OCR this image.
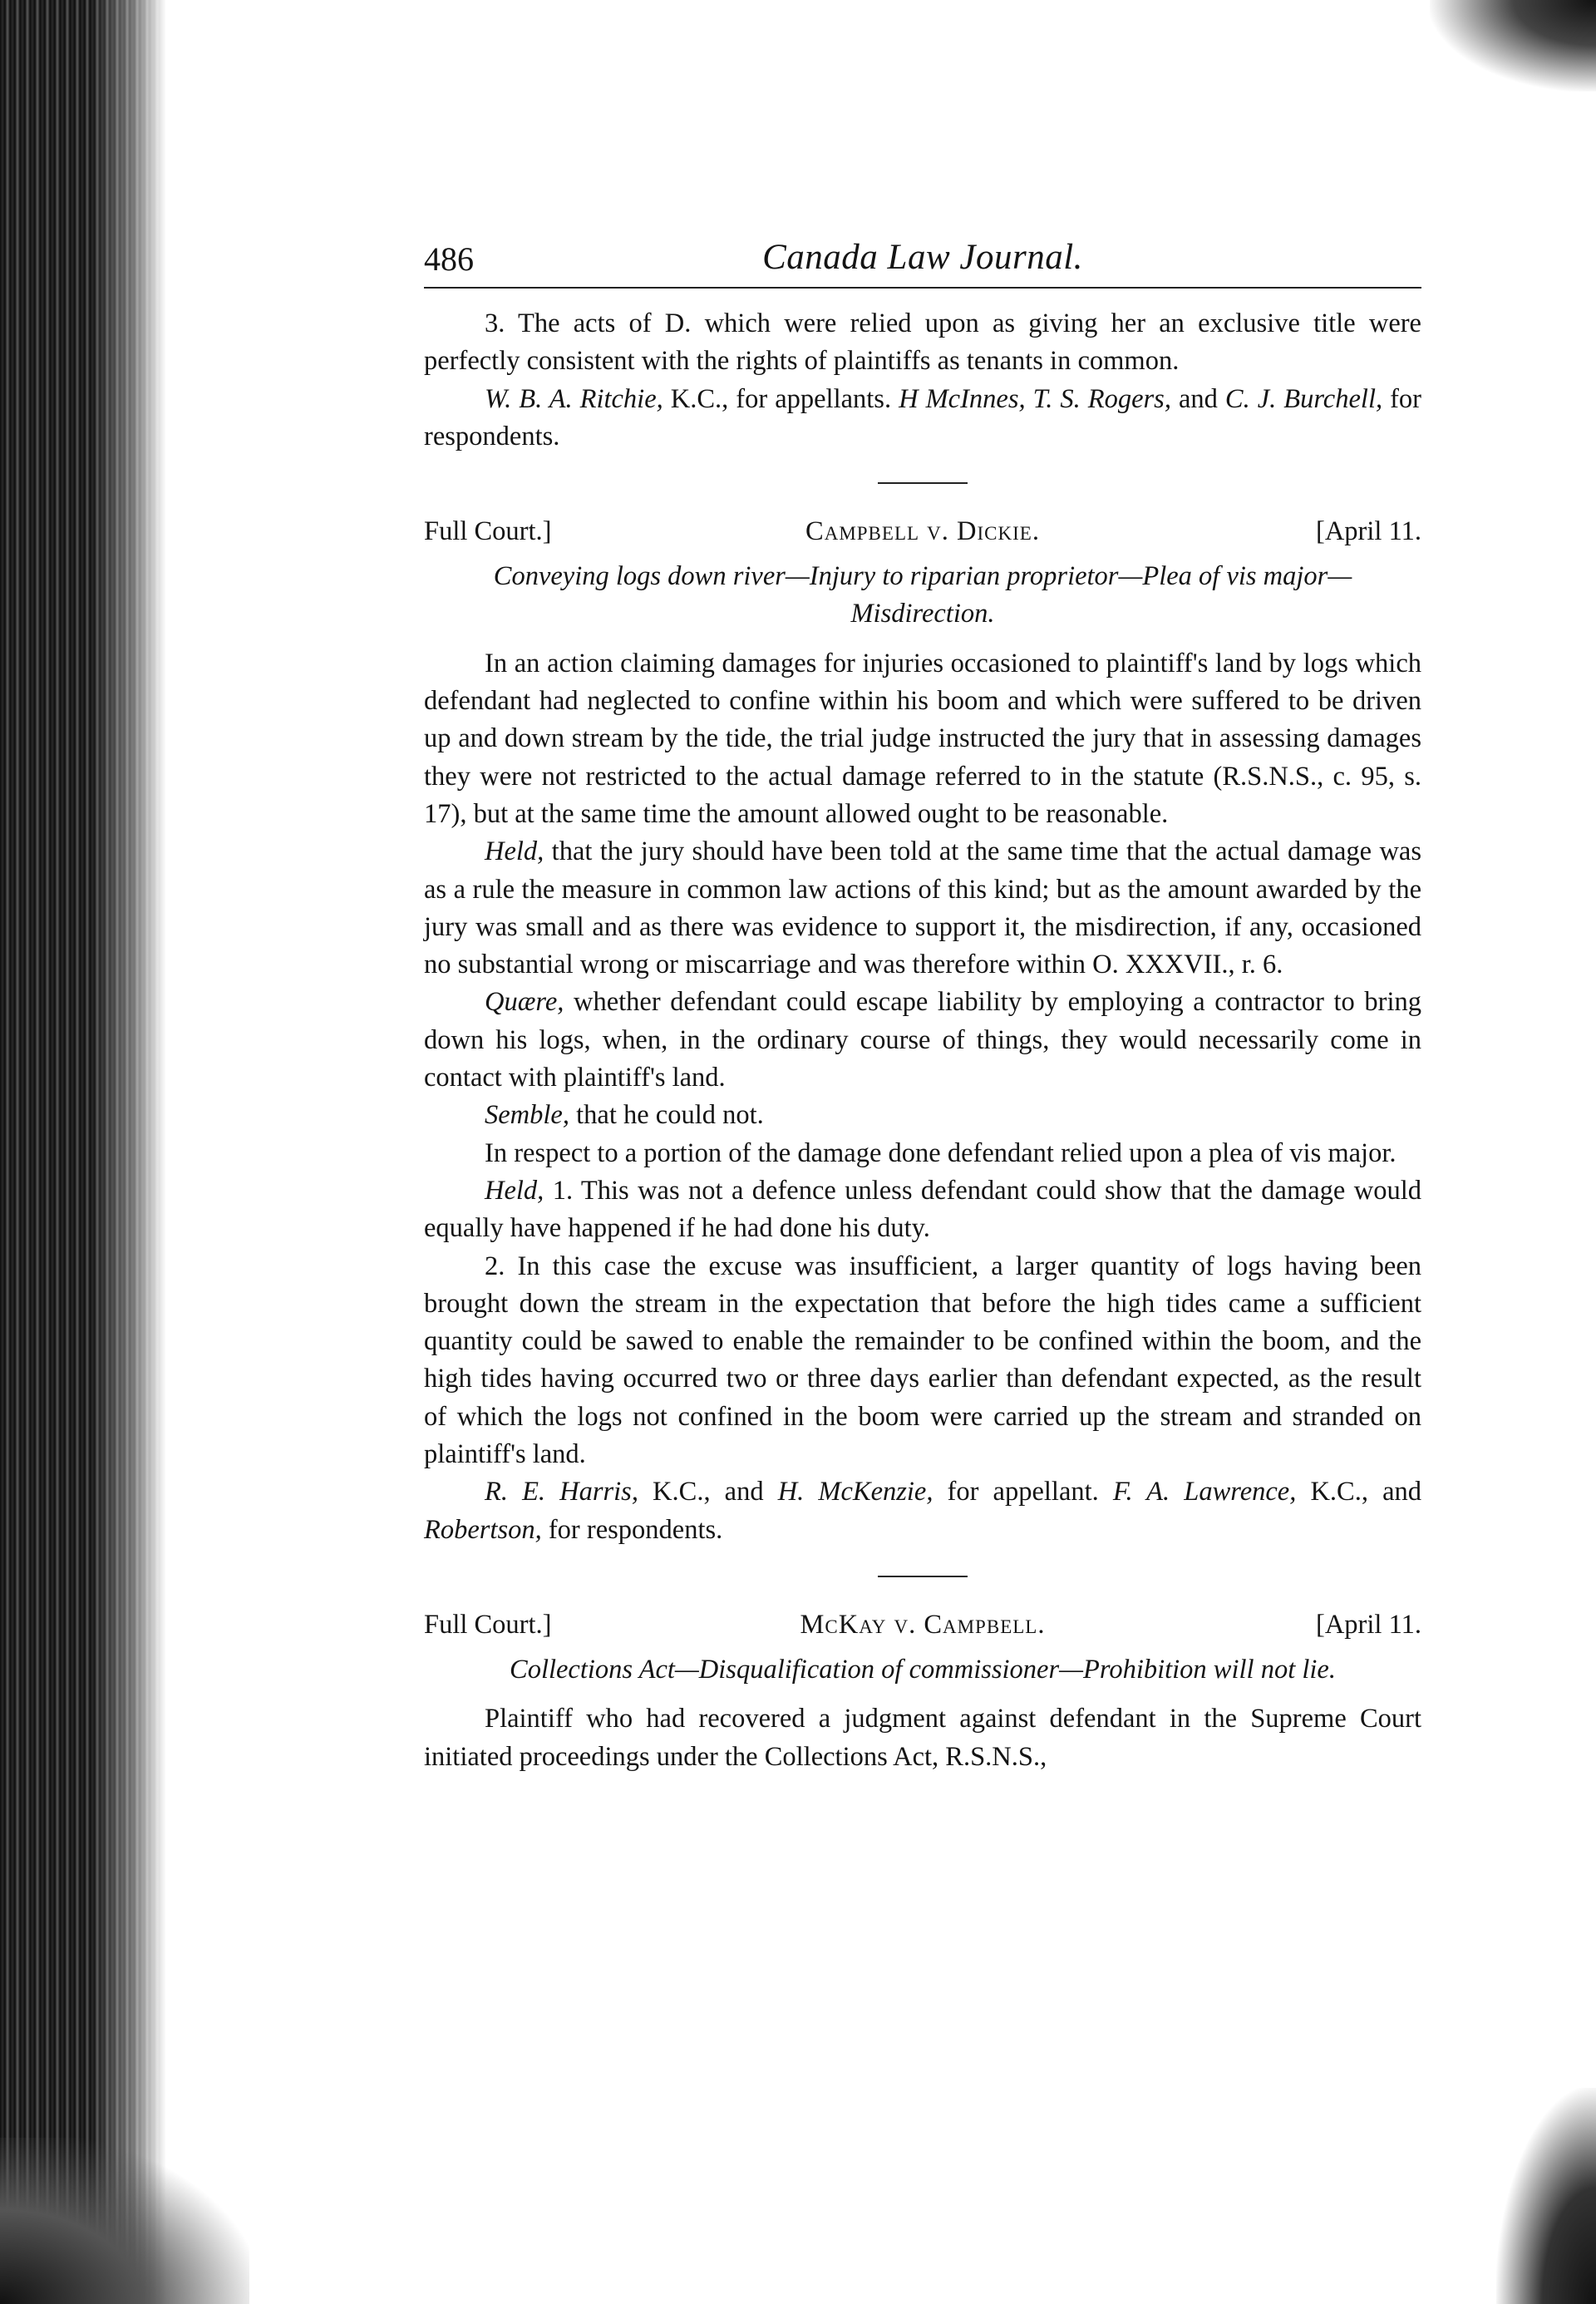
486	Canada Law Journal.

3. The acts of D. which were relied upon as giving her an exclusive title were perfectly consistent with the rights of plaintiffs as tenants in common.

W. B. A. Ritchie, K.C., for appellants. H McInnes, T. S. Rogers, and C. J. Burchell, for respondents.

Full Court.]	Campbell v. Dickie.	[April 11.
Conveying logs down river—Injury to riparian proprietor—Plea of vis major—Misdirection.

In an action claiming damages for injuries occasioned to plaintiff's land by logs which defendant had neglected to confine within his boom and which were suffered to be driven up and down stream by the tide, the trial judge instructed the jury that in assessing damages they were not restricted to the actual damage referred to in the statute (R.S.N.S., c. 95, s. 17), but at the same time the amount allowed ought to be reasonable.

Held, that the jury should have been told at the same time that the actual damage was as a rule the measure in common law actions of this kind; but as the amount awarded by the jury was small and as there was evidence to support it, the misdirection, if any, occasioned no substantial wrong or miscarriage and was therefore within O. XXXVII., r. 6.

Quære, whether defendant could escape liability by employing a contractor to bring down his logs, when, in the ordinary course of things, they would necessarily come in contact with plaintiff's land.

Semble, that he could not.

In respect to a portion of the damage done defendant relied upon a plea of vis major.

Held, 1. This was not a defence unless defendant could show that the damage would equally have happened if he had done his duty.

2. In this case the excuse was insufficient, a larger quantity of logs having been brought down the stream in the expectation that before the high tides came a sufficient quantity could be sawed to enable the remainder to be confined within the boom, and the high tides having occurred two or three days earlier than defendant expected, as the result of which the logs not confined in the boom were carried up the stream and stranded on plaintiff's land.

R. E. Harris, K.C., and H. McKenzie, for appellant. F. A. Lawrence, K.C., and Robertson, for respondents.

Full Court.]	McKay v. Campbell.	[April 11.
Collections Act—Disqualification of commissioner—Prohibition will not lie.

Plaintiff who had recovered a judgment against defendant in the Supreme Court initiated proceedings under the Collections Act, R.S.N.S.,
